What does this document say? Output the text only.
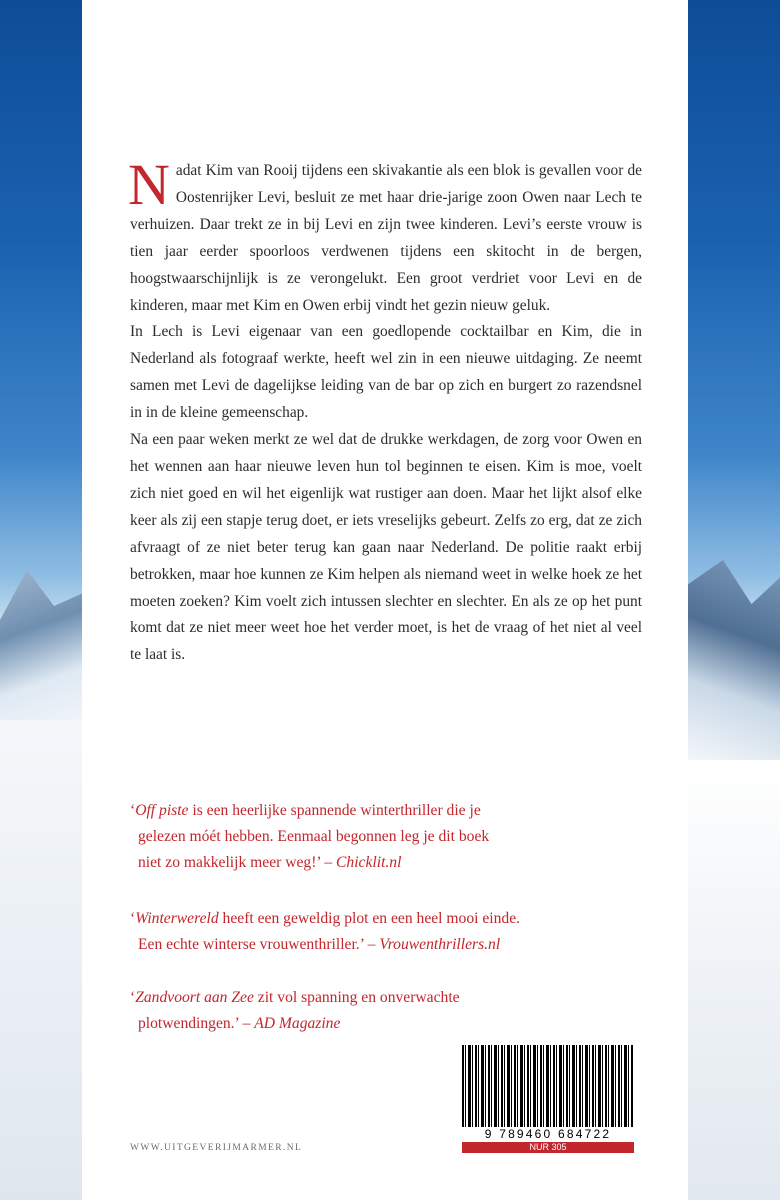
Nadat Kim van Rooij tijdens een skivakantie als een blok is gevallen voor de Oostenrijker Levi, besluit ze met haar drie-jarige zoon Owen naar Lech te verhuizen. Daar trekt ze in bij Levi en zijn twee kinderen. Levi’s eerste vrouw is tien jaar eerder spoorloos verdwenen tijdens een skitocht in de bergen, hoogstwaarschijnlijk is ze verongelukt. Een groot verdriet voor Levi en de kinderen, maar met Kim en Owen erbij vindt het gezin nieuw geluk.

In Lech is Levi eigenaar van een goedlopende cocktailbar en Kim, die in Nederland als fotograaf werkte, heeft wel zin in een nieuwe uitdaging. Ze neemt samen met Levi de dagelijkse leiding van de bar op zich en burgert zo razendsnel in in de kleine gemeenschap.

Na een paar weken merkt ze wel dat de drukke werkdagen, de zorg voor Owen en het wennen aan haar nieuwe leven hun tol beginnen te eisen. Kim is moe, voelt zich niet goed en wil het eigenlijk wat rustiger aan doen. Maar het lijkt alsof elke keer als zij een stapje terug doet, er iets vreselijks gebeurt. Zelfs zo erg, dat ze zich afvraagt of ze niet beter terug kan gaan naar Nederland. De politie raakt erbij betrokken, maar hoe kunnen ze Kim helpen als niemand weet in welke hoek ze het moeten zoeken? Kim voelt zich intussen slechter en slechter. En als ze op het punt komt dat ze niet meer weet hoe het verder moet, is het de vraag of het niet al veel te laat is.

‘Off piste is een heerlijke spannende winterthriller die je

gelezen móét hebben. Eenmaal begonnen leg je dit boek
niet zo makkelijk meer weg!’ – Chicklit.nl
‘Winterwereld heeft een geweldig plot en een heel mooi einde.

Een echte winterse vrouwenthriller.’ – Vrouwenthrillers.nl
‘Zandvoort aan Zee zit vol spanning en onverwachte

plotwendingen.’ – AD Magazine
9 789460 684722
NUR 305
WWW.UITGEVERIJMARMER.NL
